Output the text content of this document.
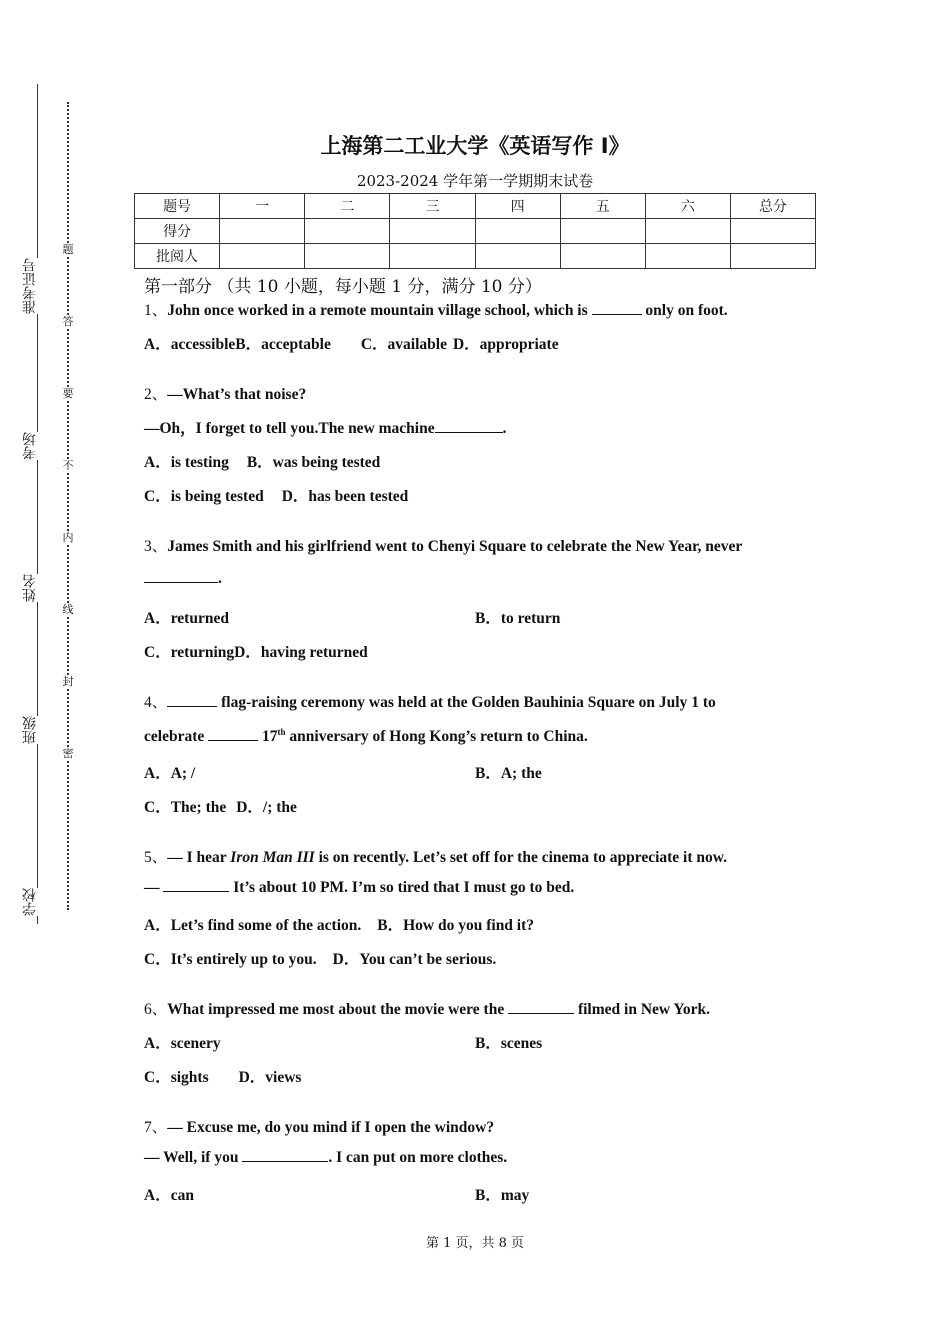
准考证号
考场
姓名
班级
学校
题
答
要
不
内
线
封
密
上海第二工业大学《英语写作 I》
2023-2024 学年第一学期期末试卷
题号	一	二	三	四	五	六	总分
得分							
批阅人							
第一部分 （共 10 小题，每小题 1 分，满分 10 分）
1、John once worked in a remote mountain village school, which is	only on foot.
A．accessibleB．acceptable C．available D．appropriate
2、—What’s that noise?
—Oh，I forget to tell you.The new machine	.
A．is testing B．was being tested
C．is being tested D．has been tested
3、James Smith and his girlfriend went to Chenyi Square to celebrate the New Year, never
.
A．returned	B．to return
C．returningD．having returned
4、	flag-raising ceremony was held at the Golden Bauhinia Square on July 1 to
celebrate	17th anniversary of Hong Kong’s return to China.
A．A; /	B．A; the
C．The; the D．/; the
5、— I hear Iron Man III is on recently. Let’s set off for the cinema to appreciate it now.
—	It’s about 10 PM. I’m so tired that I must go to bed.
A．Let’s find some of the action. B．How do you find it?
C．It’s entirely up to you. D．You can’t be serious.
6、What impressed me most about the movie were the	filmed in New York.
A．scenery	B．scenes
C．sights D．views
7、— Excuse me, do you mind if I open the window?
— Well, if you	. I can put on more clothes.
A．can	B．may
第 1 页，共 8 页
